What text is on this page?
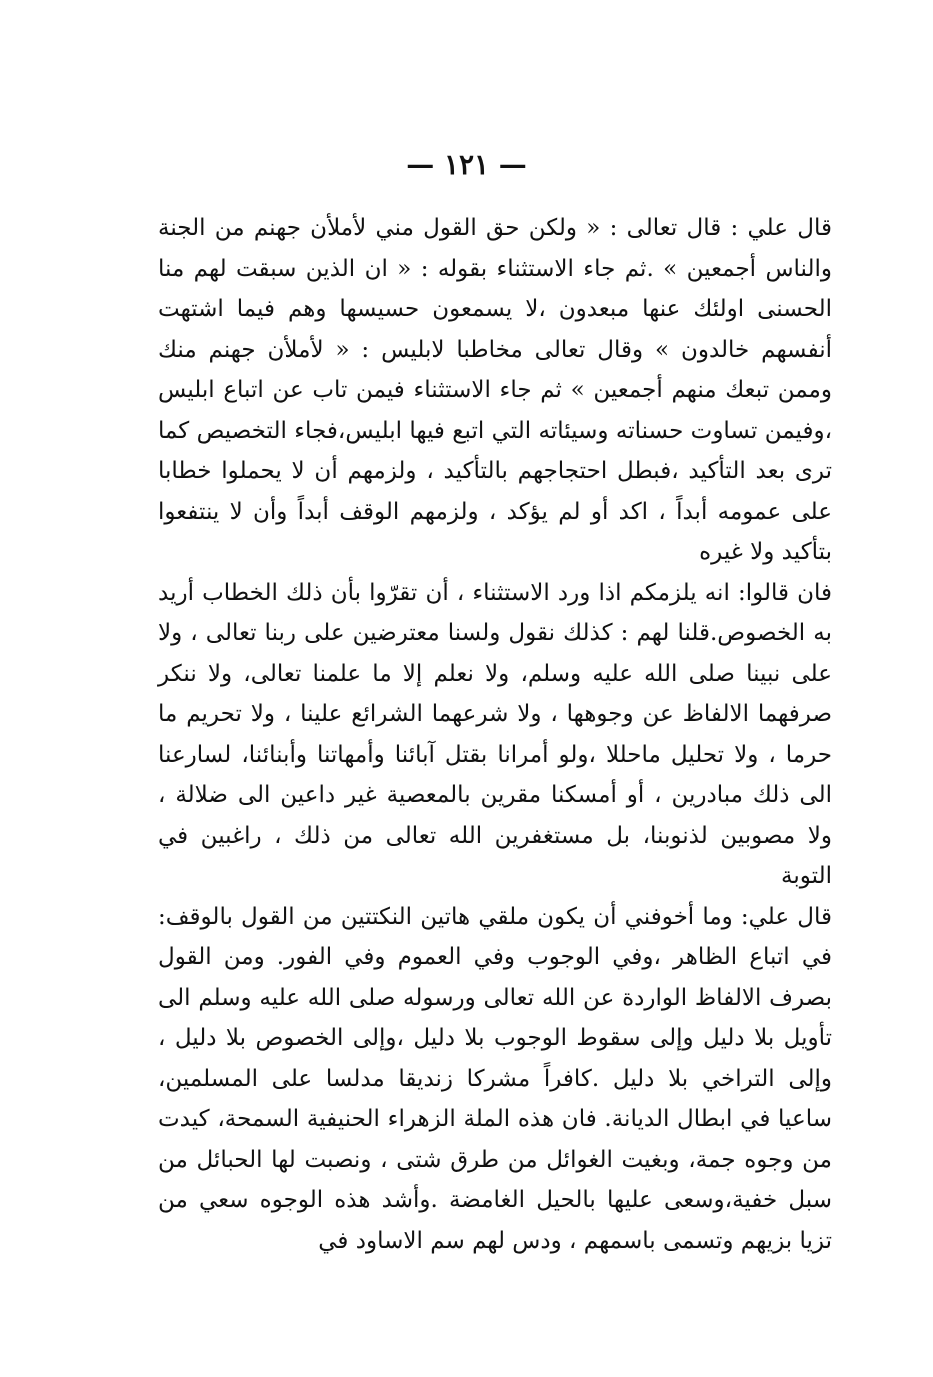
— ١٢١ —

قال علي : قال تعالى : « ولكن حق القول مني لأملأن جهنم من الجنة والناس أجمعين » .ثم جاء الاستثناء بقوله : « ان الذين سبقت لهم منا الحسنى اولئك عنها مبعدون ،لا يسمعون حسيسها وهم فيما اشتهت أنفسهم خالدون » وقال تعالى مخاطبا لابليس : « لأملأن جهنم منك وممن تبعك منهم أجمعين » ثم جاء الاستثناء فيمن تاب عن اتباع ابليس ،وفيمن تساوت حسناته وسيئاته التي اتبع فيها ابليس،فجاء التخصيص كما ترى بعد التأكيد ،فبطل احتجاجهم بالتأكيد ، ولزمهم أن لا يحملوا خطابا على عمومه أبداً ، اكد أو لم يؤكد ، ولزمهم الوقف أبداً وأن لا ينتفعوا بتأكيد ولا غيره

فان قالوا: انه يلزمكم اذا ورد الاستثناء ، أن تقرّوا بأن ذلك الخطاب أريد به الخصوص.قلنا لهم : كذلك نقول ولسنا معترضين على ربنا تعالى ، ولا على نبينا صلى الله عليه وسلم، ولا نعلم إلا ما علمنا تعالى، ولا ننكر صرفهما الالفاظ عن وجوهها ، ولا شرعهما الشرائع علينا ، ولا تحريم ما حرما ، ولا تحليل ماحللا ،ولو أمرانا بقتل آبائنا وأمهاتنا وأبنائنا، لسارعنا الى ذلك مبادرين ، أو أمسكنا مقرين بالمعصية غير داعين الى ضلالة ، ولا مصوبين لذنوبنا، بل مستغفرين الله تعالى من ذلك ، راغبين في التوبة

قال علي: وما أخوفني أن يكون ملقي هاتين النكتتين من القول بالوقف: في اتباع الظاهر ،وفي الوجوب وفي العموم وفي الفور. ومن القول بصرف الالفاظ الواردة عن الله تعالى ورسوله صلى الله عليه وسلم الى تأويل بلا دليل وإلى سقوط الوجوب بلا دليل ،وإلى الخصوص بلا دليل ، وإلى التراخي بلا دليل .كافراً مشركا زنديقا مدلسا على المسلمين، ساعيا في ابطال الديانة. فان هذه الملة الزهراء الحنيفية السمحة، كيدت من وجوه جمة، وبغيت الغوائل من طرق شتى ، ونصبت لها الحبائل من سبل خفية،وسعى عليها بالحيل الغامضة .وأشد هذه الوجوه سعي من تزيا بزيهم وتسمى باسمهم ، ودس لهم سم الاساود في
